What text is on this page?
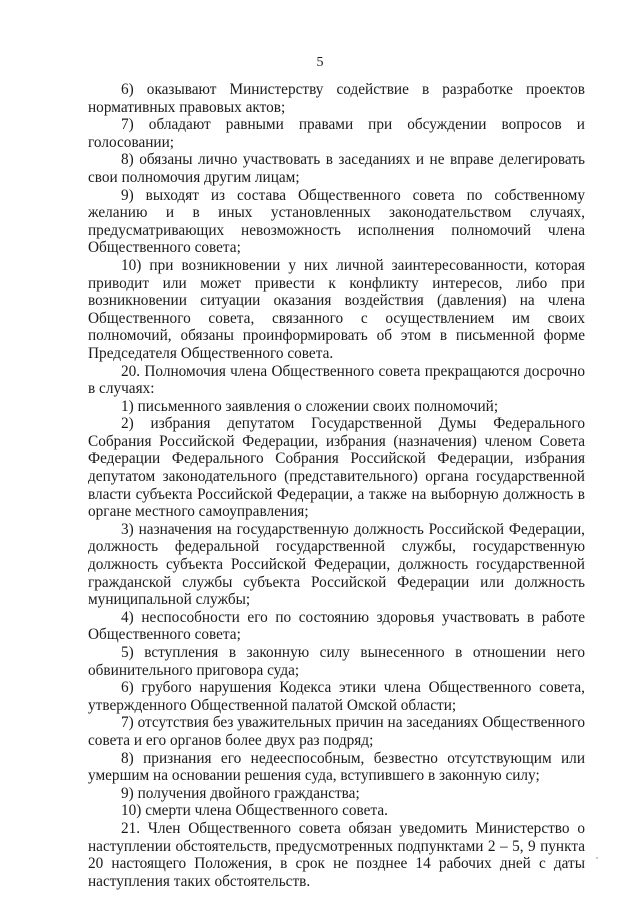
5

6) оказывают Министерству содействие в разработке проектов нормативных правовых актов;

7) обладают равными правами при обсуждении вопросов и голосовании;

8) обязаны лично участвовать в заседаниях и не вправе делегировать свои полномочия другим лицам;

9) выходят из состава Общественного совета по собственному желанию и в иных установленных законодательством случаях, предусматривающих невозможность исполнения полномочий члена Общественного совета;

10) при возникновении у них личной заинтересованности, которая приводит или может привести к конфликту интересов, либо при возникновении ситуации оказания воздействия (давления) на члена Общественного совета, связанного с осуществлением им своих полномочий, обязаны проинформировать об этом в письменной форме Председателя Общественного совета.

20. Полномочия члена Общественного совета прекращаются досрочно в случаях:

1) письменного заявления о сложении своих полномочий;

2) избрания депутатом Государственной Думы Федерального Собрания Российской Федерации, избрания (назначения) членом Совета Федерации Федерального Собрания Российской Федерации, избрания депутатом законодательного (представительного) органа государственной власти субъекта Российской Федерации, а также на выборную должность в органе местного самоуправления;

3) назначения на государственную должность Российской Федерации, должность федеральной государственной службы, государственную должность субъекта Российской Федерации, должность государственной гражданской службы субъекта Российской Федерации или должность муниципальной службы;

4) неспособности его по состоянию здоровья участвовать в работе Общественного совета;

5) вступления в законную силу вынесенного в отношении него обвинительного приговора суда;

6) грубого нарушения Кодекса этики члена Общественного совета, утвержденного Общественной палатой Омской области;

7) отсутствия без уважительных причин на заседаниях Общественного совета и его органов более двух раз подряд;

8) признания его недееспособным, безвестно отсутствующим или умершим на основании решения суда, вступившего в законную силу;

9) получения двойного гражданства;

10) смерти члена Общественного совета.

21. Член Общественного совета обязан уведомить Министерство о наступлении обстоятельств, предусмотренных подпунктами 2 – 5, 9 пункта 20 настоящего Положения, в срок не позднее 14 рабочих дней с даты наступления таких обстоятельств.
